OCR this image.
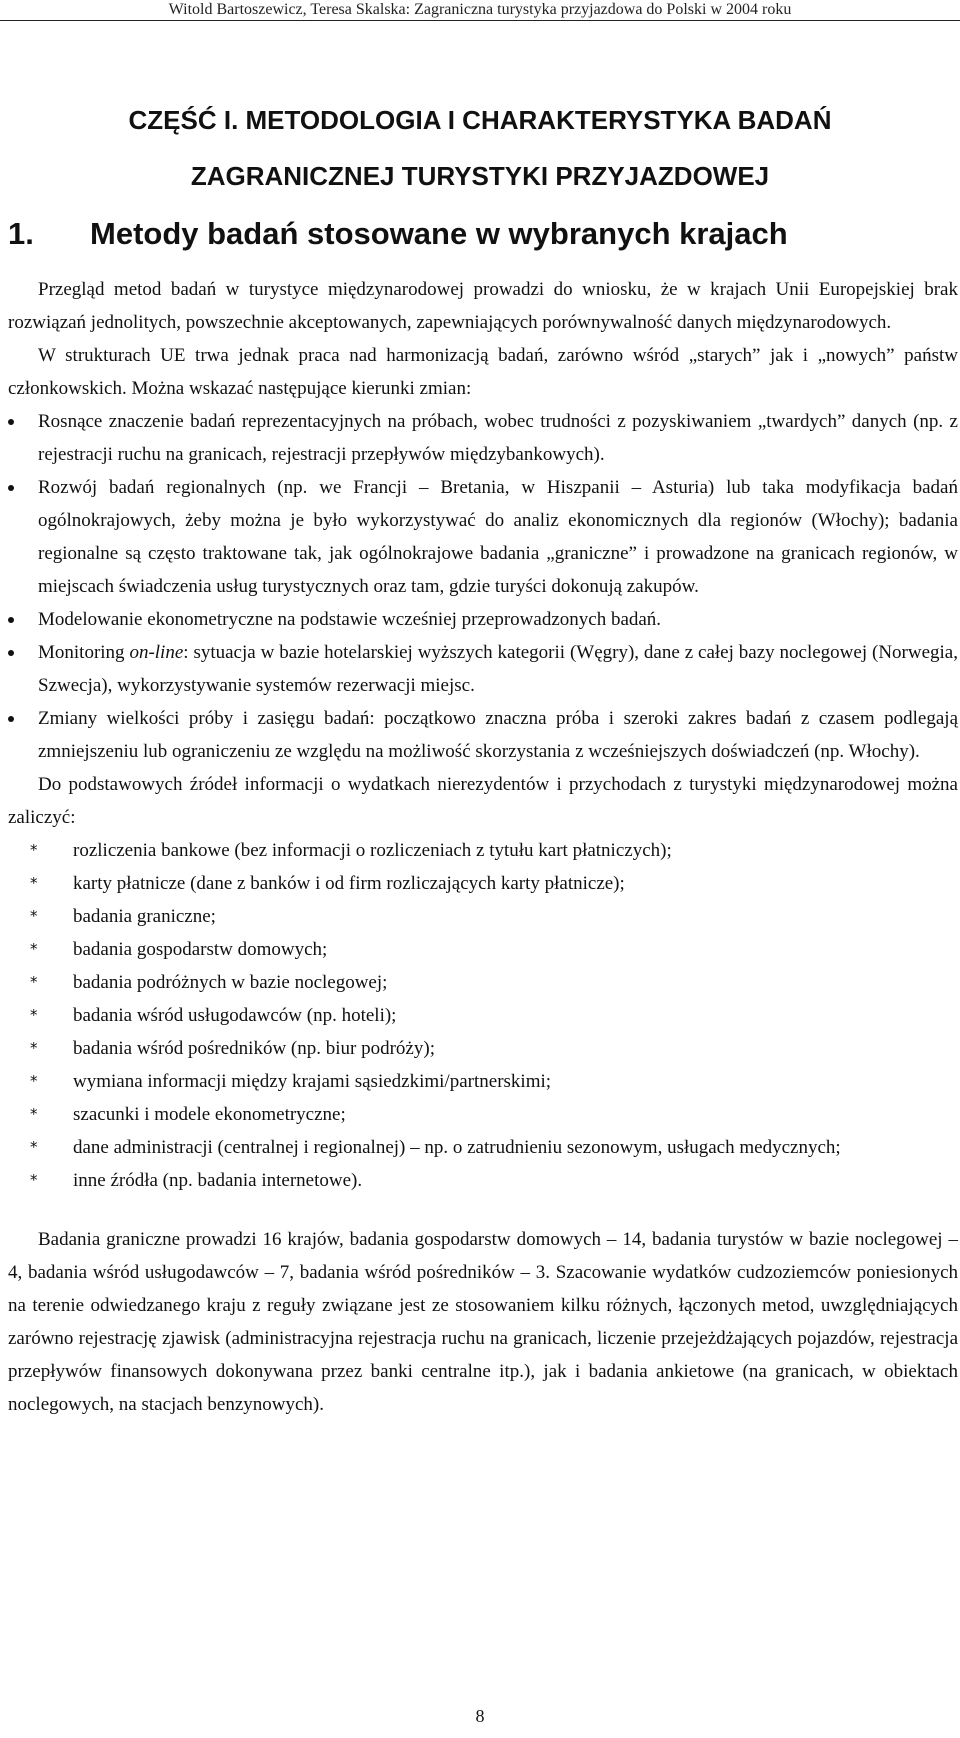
Witold Bartoszewicz, Teresa Skalska: Zagraniczna turystyka przyjazdowa do Polski w 2004 roku
CZĘŚĆ I. METODOLOGIA I CHARAKTERYSTYKA BADAŃ
ZAGRANICZNEJ TURYSTYKI PRZYJAZDOWEJ
1. Metody badań stosowane w wybranych krajach

Przegląd metod badań w turystyce międzynarodowej prowadzi do wniosku, że w krajach Unii Europejskiej brak rozwiązań jednolitych, powszechnie akceptowanych, zapewniających porównywalność danych międzynarodowych.

W strukturach UE trwa jednak praca nad harmonizacją badań, zarówno wśród „starych” jak i „nowych” państw członkowskich. Można wskazać następujące kierunki zmian:

Rosnące znaczenie badań reprezentacyjnych na próbach, wobec trudności z pozyskiwaniem „twardych” danych (np. z rejestracji ruchu na granicach, rejestracji przepływów międzybankowych).
Rozwój badań regionalnych (np. we Francji – Bretania, w Hiszpanii – Asturia) lub taka modyfikacja badań ogólnokrajowych, żeby można je było wykorzystywać do analiz ekonomicznych dla regionów (Włochy); badania regionalne są często traktowane tak, jak ogólnokrajowe badania „graniczne” i prowadzone na granicach regionów, w miejscach świadczenia usług turystycznych oraz tam, gdzie turyści dokonują zakupów.
Modelowanie ekonometryczne na podstawie wcześniej przeprowadzonych badań.
Monitoring on-line: sytuacja w bazie hotelarskiej wyższych kategorii (Węgry), dane z całej bazy noclegowej (Norwegia, Szwecja), wykorzystywanie systemów rezerwacji miejsc.
Zmiany wielkości próby i zasięgu badań: początkowo znaczna próba i szeroki zakres badań z czasem podlegają zmniejszeniu lub ograniczeniu ze względu na możliwość skorzystania z wcześniejszych doświadczeń (np. Włochy).

Do podstawowych źródeł informacji o wydatkach nierezydentów i przychodach z turystyki międzynarodowej można zaliczyć:

* rozliczenia bankowe (bez informacji o rozliczeniach z tytułu kart płatniczych);
* karty płatnicze (dane z banków i od firm rozliczających karty płatnicze);
* badania graniczne;
* badania gospodarstw domowych;
* badania podróżnych w bazie noclegowej;
* badania wśród usługodawców (np. hoteli);
* badania wśród pośredników (np. biur podróży);
* wymiana informacji między krajami sąsiedzkimi/partnerskimi;
* szacunki i modele ekonometryczne;
* dane administracji (centralnej i regionalnej) – np. o zatrudnieniu sezonowym, usługach medycznych;
* inne źródła (np. badania internetowe).

Badania graniczne prowadzi 16 krajów, badania gospodarstw domowych – 14, badania turystów w bazie noclegowej – 4, badania wśród usługodawców – 7, badania wśród pośredników – 3. Szacowanie wydatków cudzoziemców poniesionych na terenie odwiedzanego kraju z reguły związane jest ze stosowaniem kilku różnych, łączonych metod, uwzględniających zarówno rejestrację zjawisk (administracyjna rejestracja ruchu na granicach, liczenie przejeżdżających pojazdów, rejestracja przepływów finansowych dokonywana przez banki centralne itp.), jak i badania ankietowe (na granicach, w obiektach noclegowych, na stacjach benzynowych).

8
